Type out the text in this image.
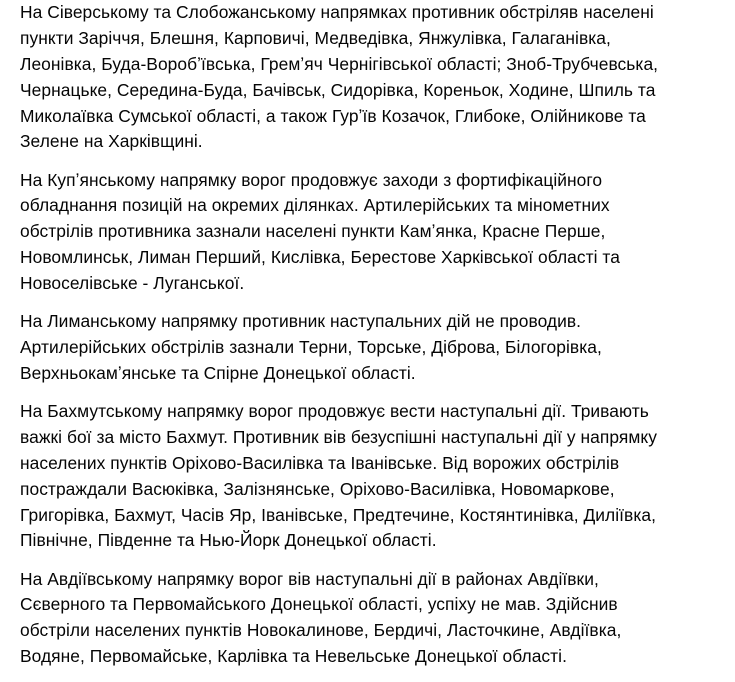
На Сіверському та Слобожанському напрямках противник обстріляв населені
пункти Заріччя, Блешня, Карповичі, Медведівка, Янжулівка, Галаганівка,
Леонівка, Буда-Воробʼївська, Гремʼяч Чернігівської області; Зноб-Трубчевська,
Чернацьке, Середина-Буда, Бачівськ, Сидорівка, Кореньок, Ходине, Шпиль та
Миколаївка Сумської області, а також Гурʼїв Козачок, Глибоке, Олійникове та
Зелене на Харківщині.

На Купʼянському напрямку ворог продовжує заходи з фортифікаційного
обладнання позицій на окремих ділянках. Артилерійських та мінометних
обстрілів противника зазнали населені пункти Камʼянка, Красне Перше,
Новомлинськ, Лиман Перший, Кислівка, Берестове Харківської області та
Новоселівське - Луганської.

На Лиманському напрямку противник наступальних дій не проводив.
Артилерійських обстрілів зазнали Терни, Торське, Діброва, Білогорівка,
Верхньокамʼянське та Спірне Донецької області.

На Бахмутському напрямку ворог продовжує вести наступальні дії. Тривають
важкі бої за місто Бахмут. Противник вів безуспішні наступальні дії у напрямку
населених пунктів Оріхово-Василівка та Іванівське. Від ворожих обстрілів
постраждали Васюківка, Залізнянське, Оріхово-Василівка, Новомаркове,
Григорівка, Бахмут, Часів Яр, Іванівське, Предтечине, Костянтинівка, Диліївка,
Північне, Південне та Нью-Йорк Донецької області.

На Авдіївському напрямку ворог вів наступальні дії в районах Авдіївки,
Сєверного та Первомайського Донецької області, успіху не мав. Здійснив
обстріли населених пунктів Новокалинове, Бердичі, Ласточкине, Авдіївка,
Водяне, Первомайське, Карлівка та Невельське Донецької області.
